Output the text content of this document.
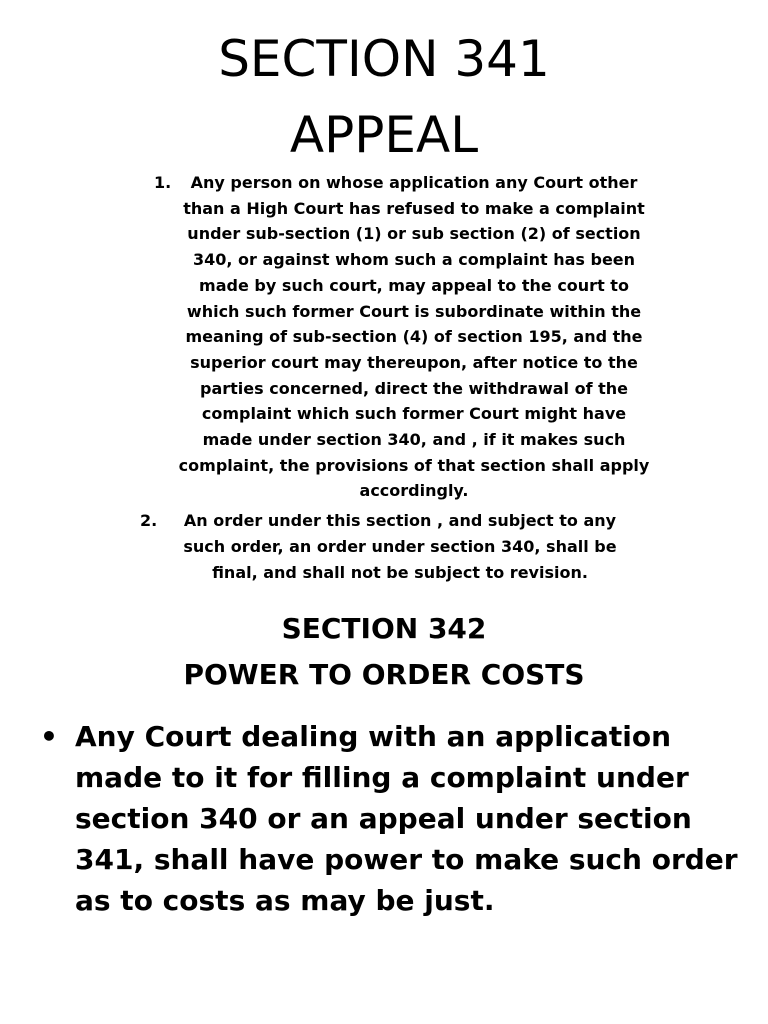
SECTION 341
APPEAL
1.	Any person on whose application any Court other than a High Court has refused to make a complaint under sub-section (1) or sub section (2) of section 340, or against whom such a complaint has been made by such court, may appeal to the court to which such former Court is subordinate within the meaning of sub-section (4) of section 195, and the superior court may thereupon, after notice to the parties concerned, direct the withdrawal of the complaint which such former Court might have made under section 340, and , if it makes such complaint, the provisions of that section shall apply accordingly.
2.	An order under this section , and subject to any such order, an order under section 340, shall be final, and shall not be subject to revision.
SECTION 342
POWER TO ORDER COSTS
• Any Court dealing with an application made to it for filling a complaint under section 340 or an appeal under section 341, shall have power to make such order as to costs as may be just.
